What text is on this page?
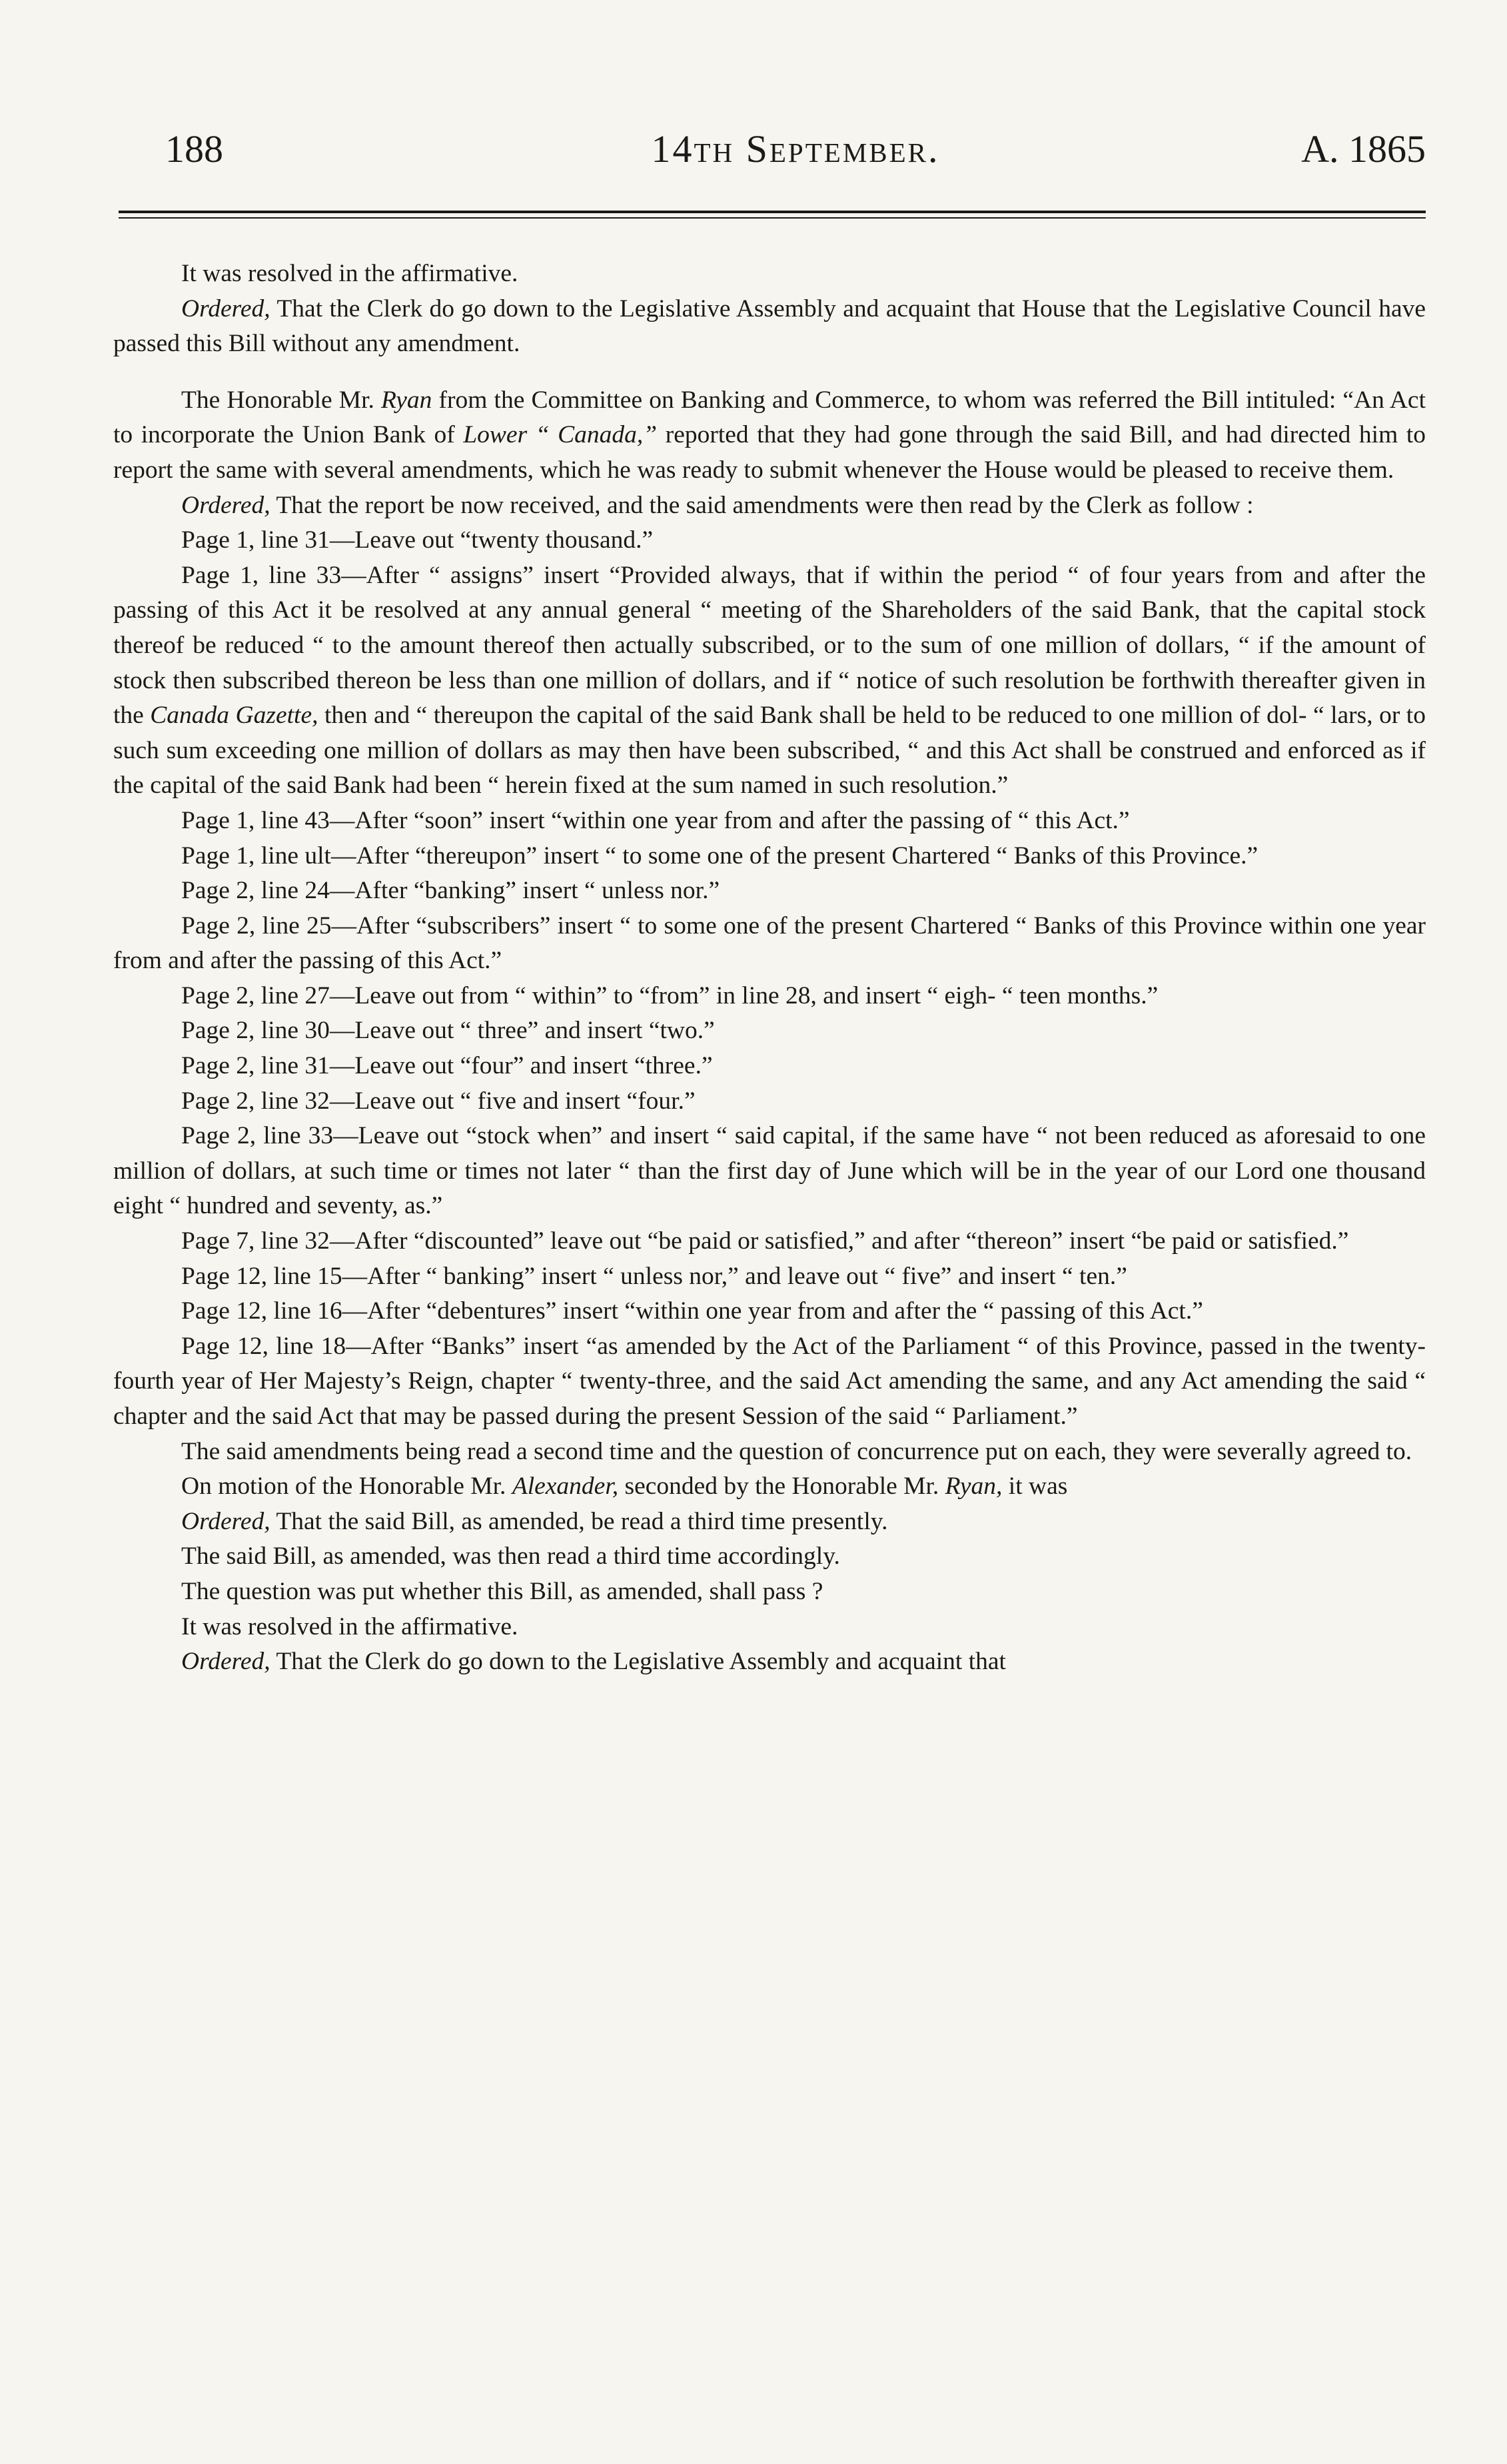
188	14th September.	A. 1865

It was resolved in the affirmative.

Ordered, That the Clerk do go down to the Legislative Assembly and acquaint that House that the Legislative Council have passed this Bill without any amendment.

The Honorable Mr. Ryan from the Committee on Banking and Commerce, to whom was referred the Bill intituled: “An Act to incorporate the Union Bank of Lower “ Canada,” reported that they had gone through the said Bill, and had directed him to report the same with several amendments, which he was ready to submit whenever the House would be pleased to receive them.

Ordered, That the report be now received, and the said amendments were then read by the Clerk as follow :

Page 1, line 31—Leave out “twenty thousand.”

Page 1, line 33—After “ assigns” insert “Provided always, that if within the period “ of four years from and after the passing of this Act it be resolved at any annual general “ meeting of the Shareholders of the said Bank, that the capital stock thereof be reduced “ to the amount thereof then actually subscribed, or to the sum of one million of dollars, “ if the amount of stock then subscribed thereon be less than one million of dollars, and if “ notice of such resolution be forthwith thereafter given in the Canada Gazette, then and “ thereupon the capital of the said Bank shall be held to be reduced to one million of dol- “ lars, or to such sum exceeding one million of dollars as may then have been subscribed, “ and this Act shall be construed and enforced as if the capital of the said Bank had been “ herein fixed at the sum named in such resolution.”

Page 1, line 43—After “soon” insert “within one year from and after the passing of “ this Act.”

Page 1, line ult—After “thereupon” insert “ to some one of the present Chartered “ Banks of this Province.”

Page 2, line 24—After “banking” insert “ unless nor.”

Page 2, line 25—After “subscribers” insert “ to some one of the present Chartered “ Banks of this Province within one year from and after the passing of this Act.”

Page 2, line 27—Leave out from “ within” to “from” in line 28, and insert “ eigh- “ teen months.”

Page 2, line 30—Leave out “ three” and insert “two.”

Page 2, line 31—Leave out “four” and insert “three.”

Page 2, line 32—Leave out “ five and insert “four.”

Page 2, line 33—Leave out “stock when” and insert “ said capital, if the same have “ not been reduced as aforesaid to one million of dollars, at such time or times not later “ than the first day of June which will be in the year of our Lord one thousand eight “ hundred and seventy, as.”

Page 7, line 32—After “discounted” leave out “be paid or satisfied,” and after “thereon” insert “be paid or satisfied.”

Page 12, line 15—After “ banking” insert “ unless nor,” and leave out “ five” and insert “ ten.”

Page 12, line 16—After “debentures” insert “within one year from and after the “ passing of this Act.”

Page 12, line 18—After “Banks” insert “as amended by the Act of the Parliament “ of this Province, passed in the twenty-fourth year of Her Majesty’s Reign, chapter “ twenty-three, and the said Act amending the same, and any Act amending the said “ chapter and the said Act that may be passed during the present Session of the said “ Parliament.”

The said amendments being read a second time and the question of concurrence put on each, they were severally agreed to.

On motion of the Honorable Mr. Alexander, seconded by the Honorable Mr. Ryan, it was

Ordered, That the said Bill, as amended, be read a third time presently.

The said Bill, as amended, was then read a third time accordingly.

The question was put whether this Bill, as amended, shall pass ?

It was resolved in the affirmative.

Ordered, That the Clerk do go down to the Legislative Assembly and acquaint that
